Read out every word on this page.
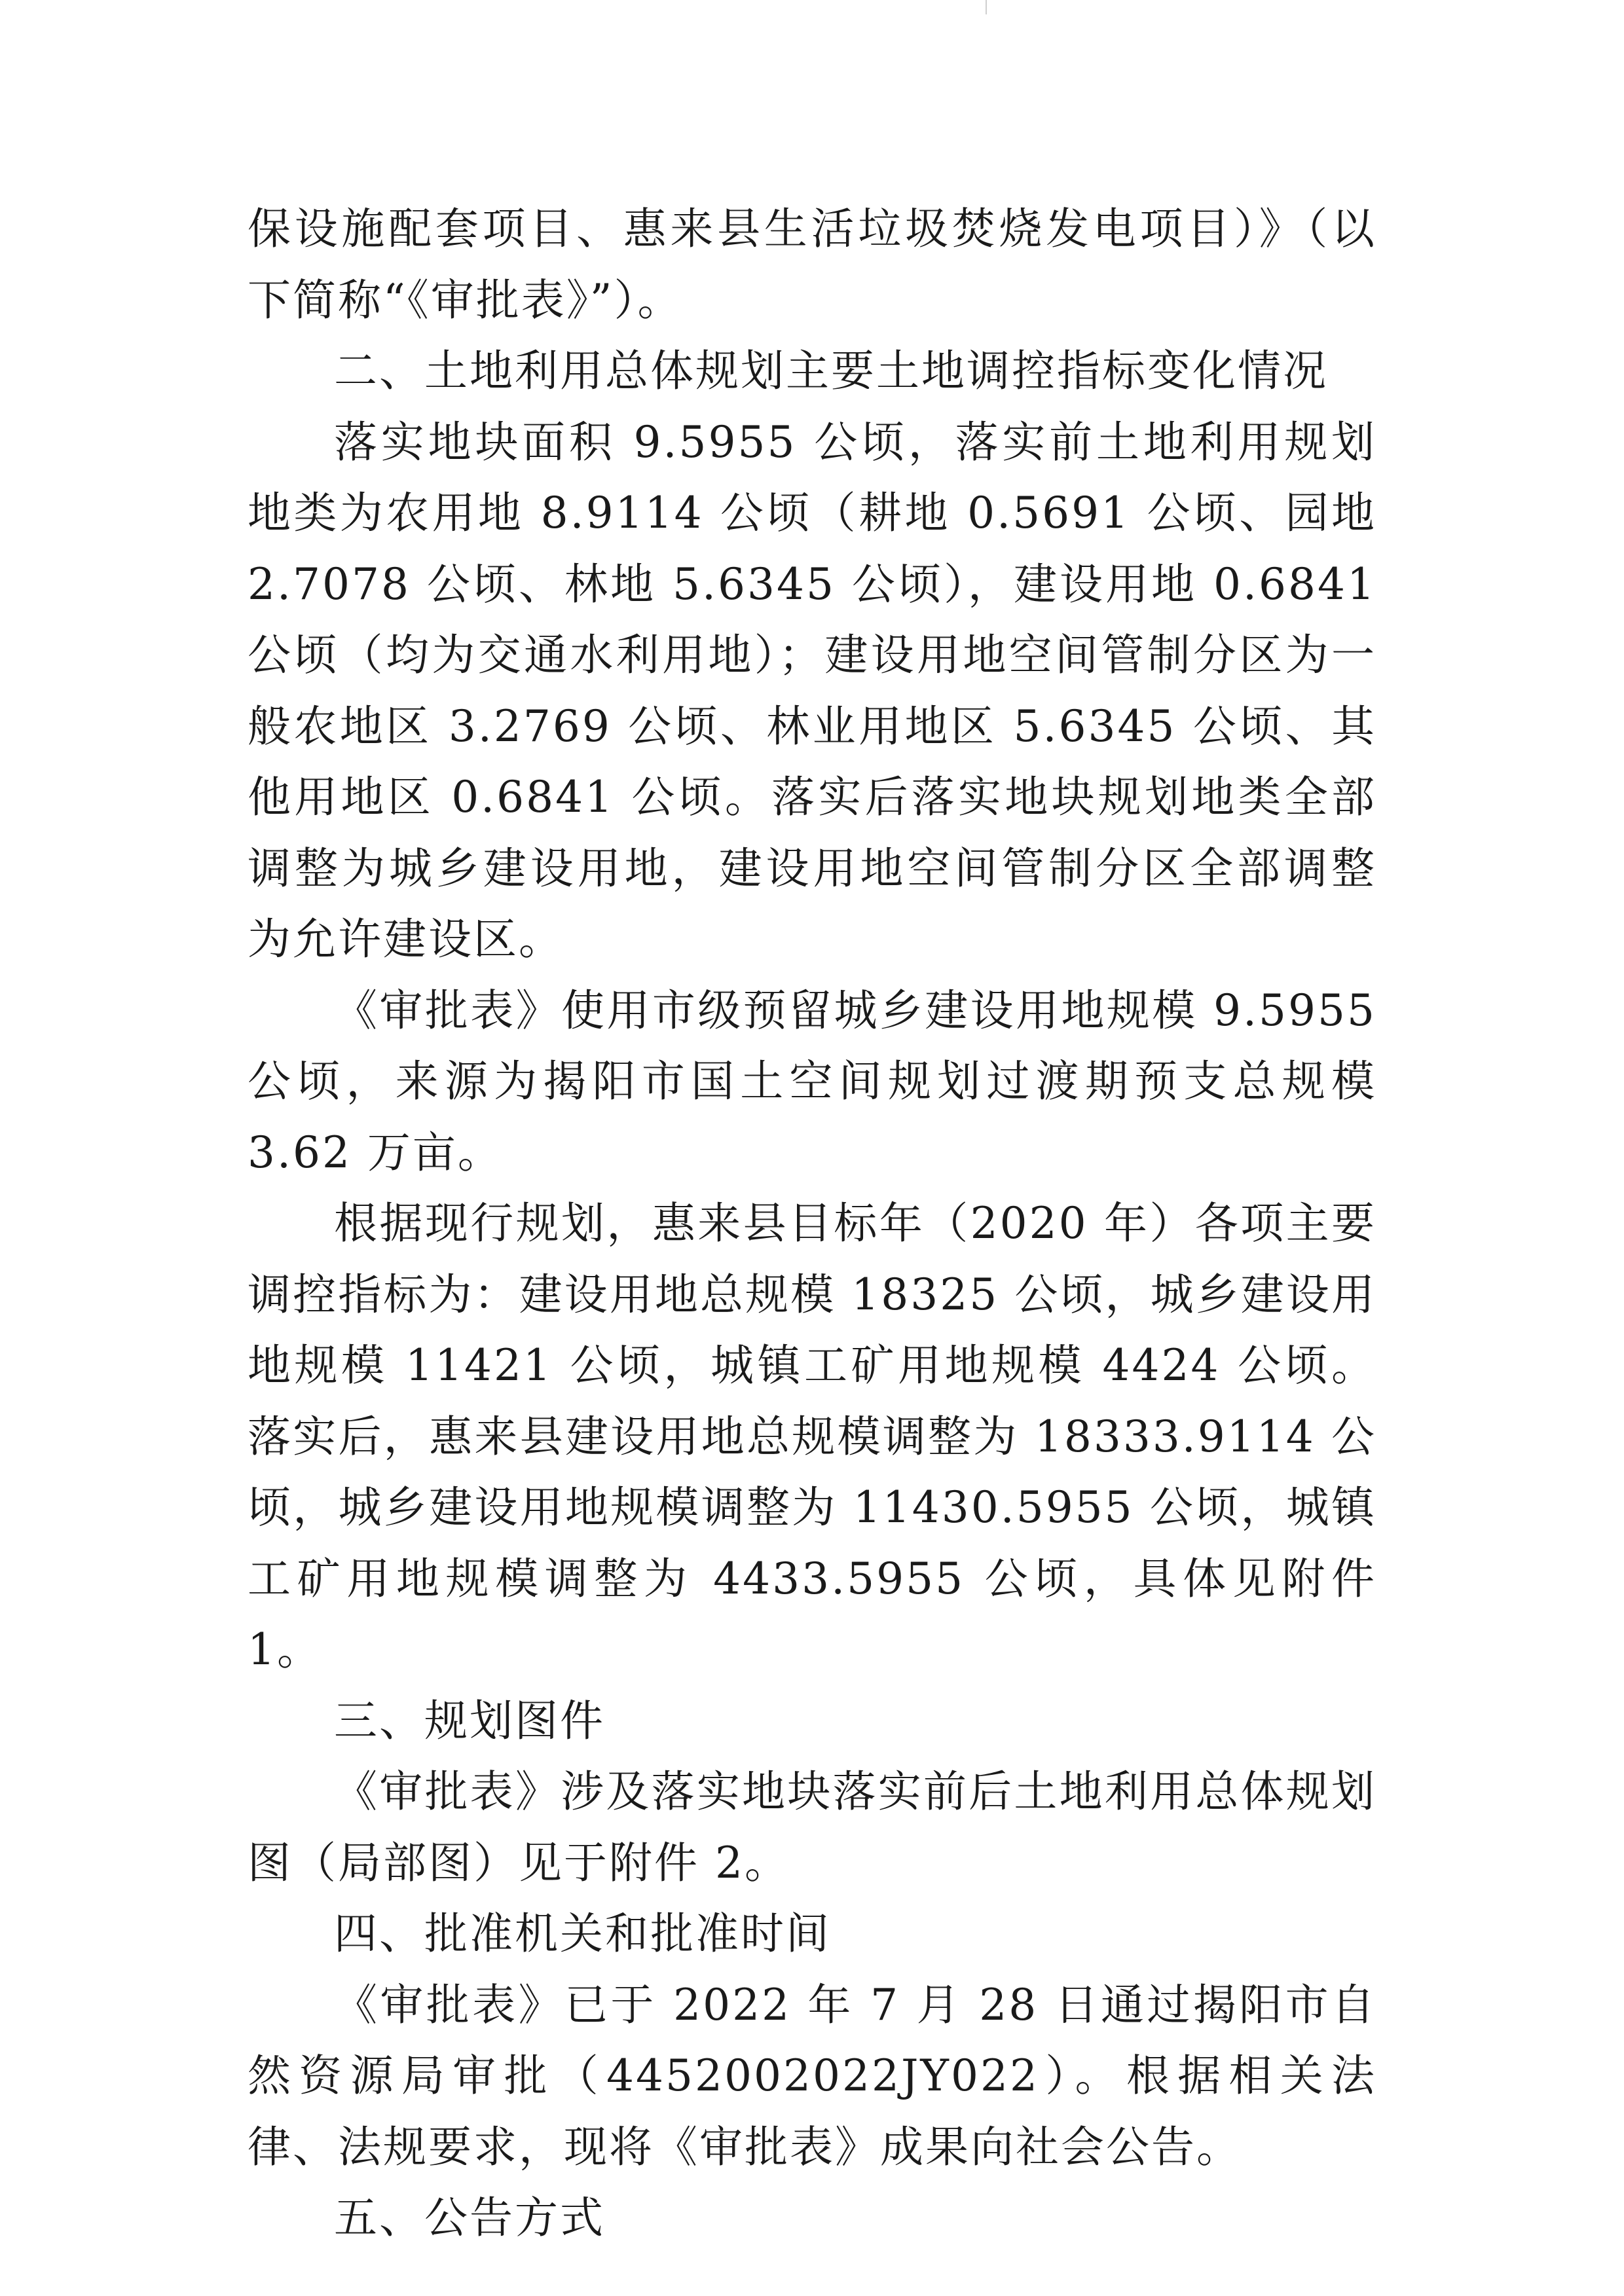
保设施配套项目、惠来县生活垃圾焚烧发电项目）》（以下简称“《审批表》”）。

二、土地利用总体规划主要土地调控指标变化情况

落实地块面积 9.5955 公顷，落实前土地利用规划地类为农用地 8.9114 公顷（耕地 0.5691 公顷、园地 2.7078 公顷、林地 5.6345 公顷），建设用地 0.6841 公顷（均为交通水利用地）；建设用地空间管制分区为一般农地区 3.2769 公顷、林业用地区 5.6345 公顷、其他用地区 0.6841 公顷。落实后落实地块规划地类全部调整为城乡建设用地，建设用地空间管制分区全部调整为允许建设区。

《审批表》使用市级预留城乡建设用地规模 9.5955 公顷，来源为揭阳市国土空间规划过渡期预支总规模 3.62 万亩。

根据现行规划，惠来县目标年（2020 年）各项主要调控指标为：建设用地总规模 18325 公顷，城乡建设用地规模 11421 公顷，城镇工矿用地规模 4424 公顷。落实后，惠来县建设用地总规模调整为 18333.9114 公顷，城乡建设用地规模调整为 11430.5955 公顷，城镇工矿用地规模调整为 4433.5955 公顷，具体见附件 1。

三、规划图件

《审批表》涉及落实地块落实前后土地利用总体规划图（局部图）见于附件 2。

四、批准机关和批准时间

《审批表》已于 2022 年 7 月 28 日通过揭阳市自然资源局审批（4452002022JY022）。根据相关法律、法规要求，现将《审批表》成果向社会公告。

五、公告方式
